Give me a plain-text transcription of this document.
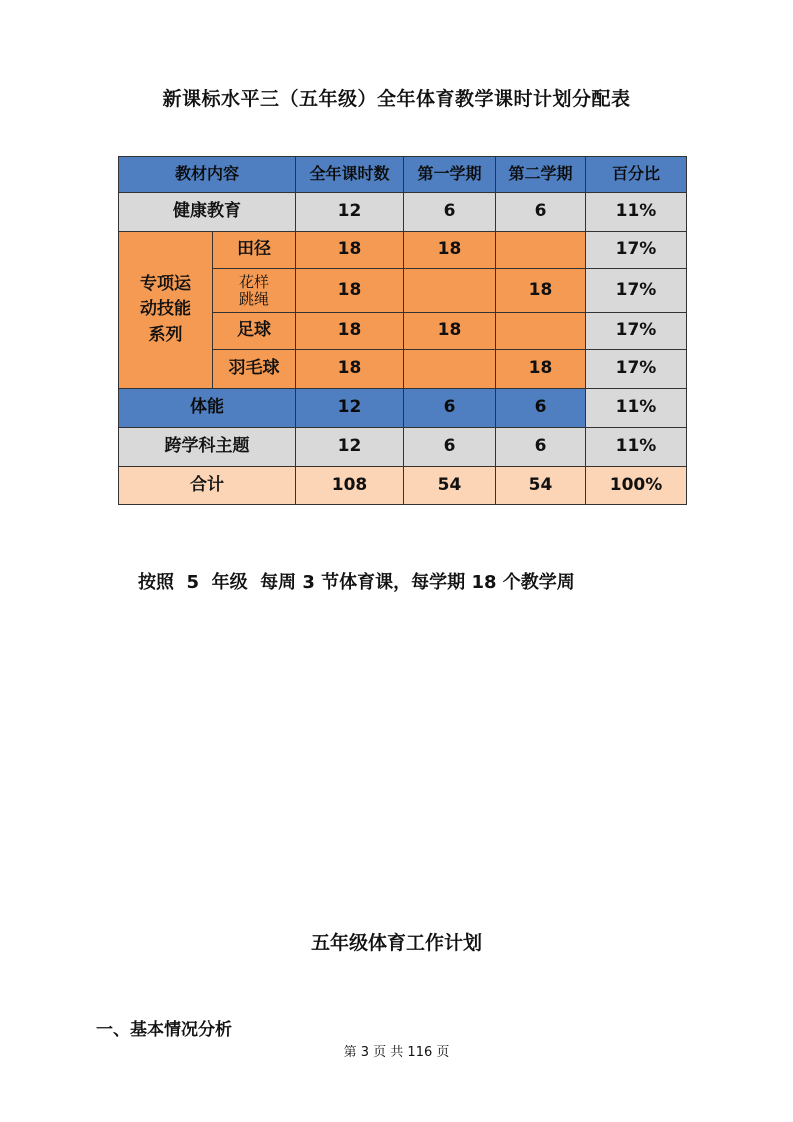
新课标水平三（五年级）全年体育教学课时计划分配表
教材内容		全年课时数	第一学期	第二学期	百分比
健康教育		12	6	6	11%
专项运
动技能
系列	田径	18	18		17%
	花样
跳绳	18		18	17%
	足球	18	18		17%
	羽毛球	18		18	17%
体能		12	6	6	11%
跨学科主题		12	6	6	11%
合计		108	54	54	100%
按照  5  年级  每周 3 节体育课，每学期 18 个教学周
五年级体育工作计划
一、基本情况分析
第 3 页 共 116 页
